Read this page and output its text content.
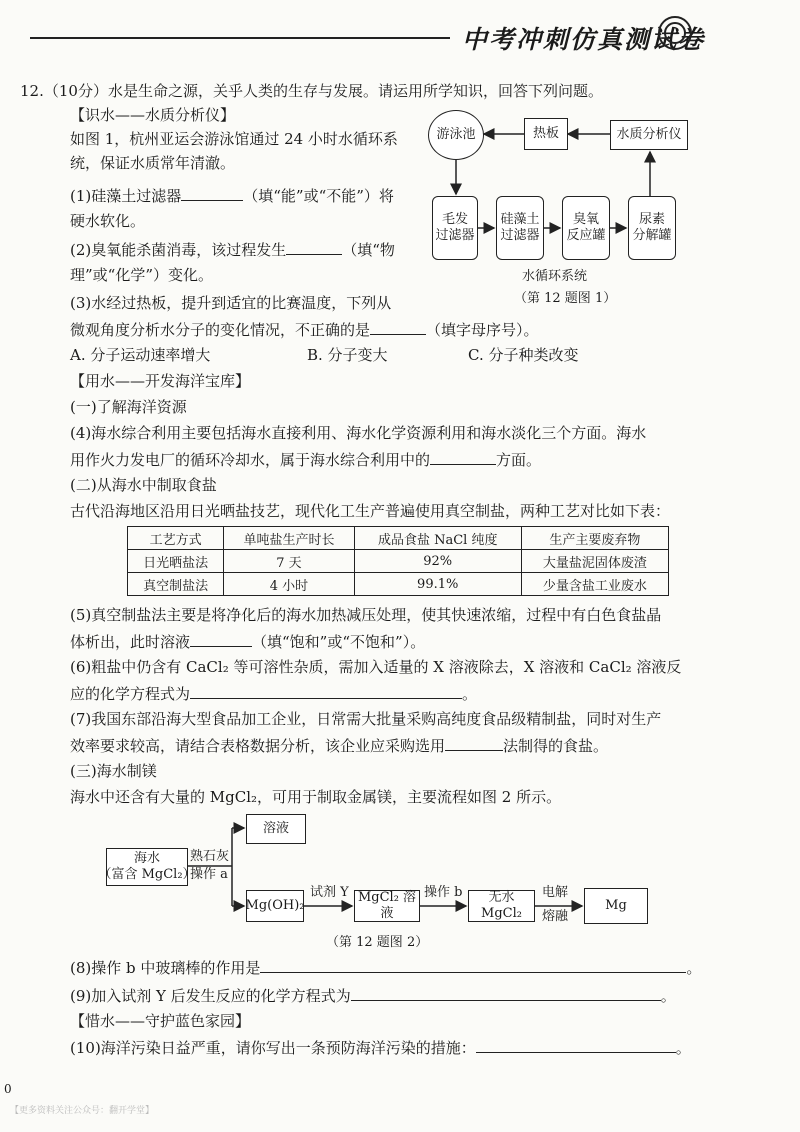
中考冲刺仿真测试卷
12.（10分）水是生命之源，关乎人类的生存与发展。请运用所学知识，回答下列问题。
【识水——水质分析仪】
如图 1，杭州亚运会游泳馆通过 24 小时水循环系
统，保证水质常年清澈。
(1)硅藻土过滤器	（填“能”或“不能”）将
硬水软化。
(2)臭氧能杀菌消毒，该过程发生	（填“物
理”或“化学”）变化。
(3)水经过热板，提升到适宜的比赛温度，下列从
微观角度分析水分子的变化情况，不正确的是	（填字母序号）。
A. 分子运动速率增大	B. 分子变大	C. 分子种类改变
【用水——开发海洋宝库】
(一)了解海洋资源
(4)海水综合利用主要包括海水直接利用、海水化学资源利用和海水淡化三个方面。海水
用作火力发电厂的循环冷却水，属于海水综合利用中的	方面。
(二)从海水中制取食盐
古代沿海地区沿用日光晒盐技艺，现代化工生产普遍使用真空制盐，两种工艺对比如下表：
工艺方式	单吨盐生产时长	成品食盐 NaCl 纯度	生产主要废弃物
日光晒盐法	7 天	92%	大量盐泥固体废渣
真空制盐法	4 小时	99.1%	少量含盐工业废水
(5)真空制盐法主要是将净化后的海水加热减压处理，使其快速浓缩，过程中有白色食盐晶
体析出，此时溶液	（填“饱和”或“不饱和”）。
(6)粗盐中仍含有 CaCl₂ 等可溶性杂质，需加入适量的 X 溶液除去，X 溶液和 CaCl₂ 溶液反
应的化学方程式为	。
(7)我国东部沿海大型食品加工企业，日常需大批量采购高纯度食品级精制盐，同时对生产
效率要求较高，请结合表格数据分析，该企业应采购选用	法制得的食盐。
(三)海水制镁
海水中还含有大量的 MgCl₂，可用于制取金属镁，主要流程如图 2 所示。
(8)操作 b 中玻璃棒的作用是	。
(9)加入试剂 Y 后发生反应的化学方程式为	。
【惜水——守护蓝色家园】
(10)海洋污染日益严重，请你写出一条预防海洋污染的措施：	。
游泳池	热板	水质分析仪
毛发
过滤器
硅藻土
过滤器
臭氧
反应罐
尿素
分解罐
水循环系统
（第 12 题图 1）
海水
（富含 MgCl₂）
熟石灰
操作 a
溶液
Mg(OH)₂
试剂 Y MgCl₂ 溶液
操作 b	无水 MgCl₂
电解
熔融
Mg
（第 12 题图 2）
0
【更多资料关注公众号：翻开学堂】
